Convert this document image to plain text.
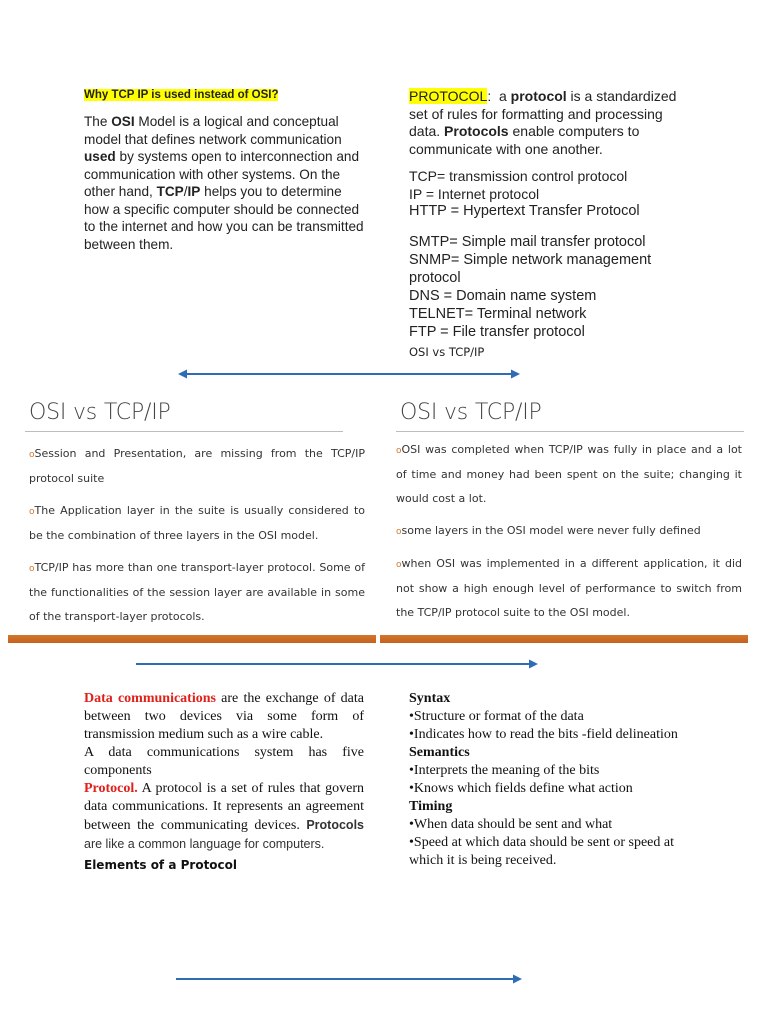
Why TCP IP is used instead of OSI?

The OSI Model is a logical and conceptual model that defines network communication used by systems open to interconnection and communication with other systems. On the other hand, TCP/IP helps you to determine how a specific computer should be connected to the internet and how you can be transmitted between them.

PROTOCOL:  a protocol is a standardized set of rules for formatting and processing data. Protocols enable computers to communicate with one another.

TCP= transmission control protocol

IP = Internet protocol

HTTP = Hypertext Transfer Protocol

SMTP= Simple mail transfer protocol

SNMP= Simple network management protocol

DNS = Domain name system

TELNET= Terminal network

FTP = File transfer protocol

OSI vs TCP/IP

OSI vs TCP/IP

oSession and Presentation, are missing from the TCP/IP protocol suite

oThe Application layer in the suite is usually considered to be the combination of three layers in the OSI model.

oTCP/IP has more than one transport-layer protocol. Some of the functionalities of the session layer are available in some of the transport-layer protocols.

OSI vs TCP/IP

oOSI was completed when TCP/IP was fully in place and a lot of time and money had been spent on the suite; changing it would cost a lot.

osome layers in the OSI model were never fully defined

owhen OSI was implemented in a different application, it did not show a high enough level of performance to switch from the TCP/IP protocol suite to the OSI model.

Data communications are the exchange of data between two devices via some form of transmission medium such as a wire cable.

A data communications system has five components

Protocol. A protocol is a set of rules that govern data communications. It represents an agreement between the communicating devices. Protocols are like a common language for computers.

Elements of a Protocol

Syntax

•Structure or format of the data

•Indicates how to read the bits -field delineation

Semantics

•Interprets the meaning of the bits

•Knows which fields define what action

Timing

•When data should be sent and what

•Speed at which data should be sent or speed at which it is being received.
